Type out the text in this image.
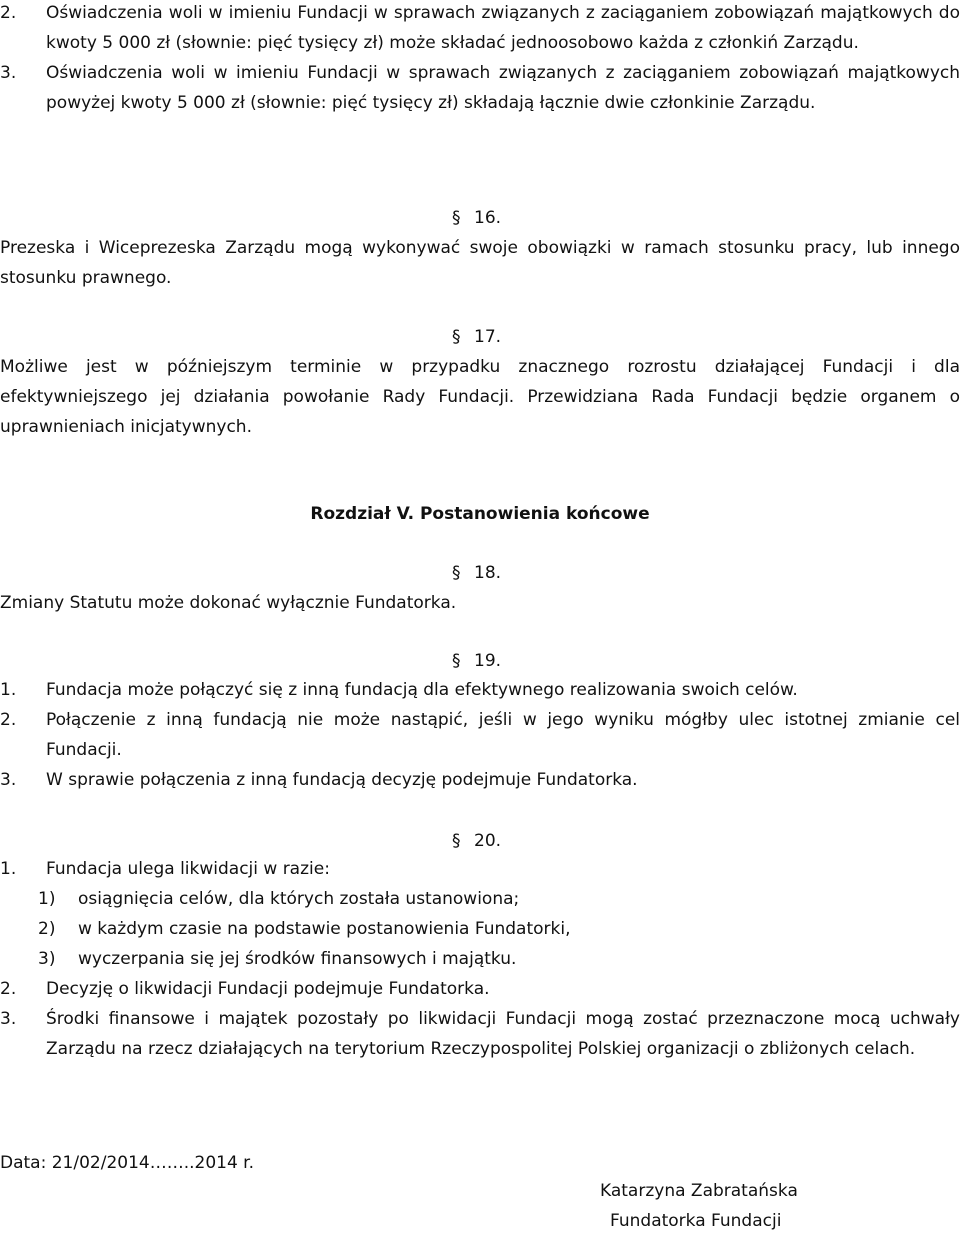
2. Oświadczenia woli w imieniu Fundacji w sprawach związanych z zaciąganiem zobowiązań majątkowych do kwoty 5 000 zł (słownie: pięć tysięcy zł) może składać jednoosobowo każda z członkiń Zarządu.
3. Oświadczenia woli w imieniu Fundacji w sprawach związanych z zaciąganiem zobowiązań majątkowych powyżej kwoty 5 000 zł (słownie: pięć tysięcy zł) składają łącznie dwie członkinie Zarządu.
§ 16.
Prezeska i Wiceprezeska Zarządu mogą wykonywać swoje obowiązki w ramach stosunku pracy, lub innego stosunku prawnego.
§ 17.
Możliwe jest w późniejszym terminie w przypadku znacznego rozrostu działającej Fundacji i dla efektywniejszego jej działania powołanie Rady Fundacji. Przewidziana Rada Fundacji będzie organem o uprawnieniach inicjatywnych.
Rozdział V. Postanowienia końcowe
§ 18.
Zmiany Statutu może dokonać wyłącznie Fundatorka.
§ 19.
1. Fundacja może połączyć się z inną fundacją dla efektywnego realizowania swoich celów.
2. Połączenie z inną fundacją nie może nastąpić, jeśli w jego wyniku mógłby ulec istotnej zmianie cel Fundacji.
3. W sprawie połączenia z inną fundacją decyzję podejmuje Fundatorka.
§ 20.
1. Fundacja ulega likwidacji w razie:
1) osiągnięcia celów, dla których została ustanowiona;
2) w każdym czasie na podstawie postanowienia Fundatorki,
3) wyczerpania się jej środków finansowych i majątku.
2. Decyzję o likwidacji Fundacji podejmuje Fundatorka.
3. Środki finansowe i majątek pozostały po likwidacji Fundacji mogą zostać przeznaczone mocą uchwały Zarządu na rzecz działających na terytorium Rzeczypospolitej Polskiej organizacji o zbliżonych celach.
Data: 21/02/2014……..2014 r.
Katarzyna Zabratańska
Fundatorka Fundacji
